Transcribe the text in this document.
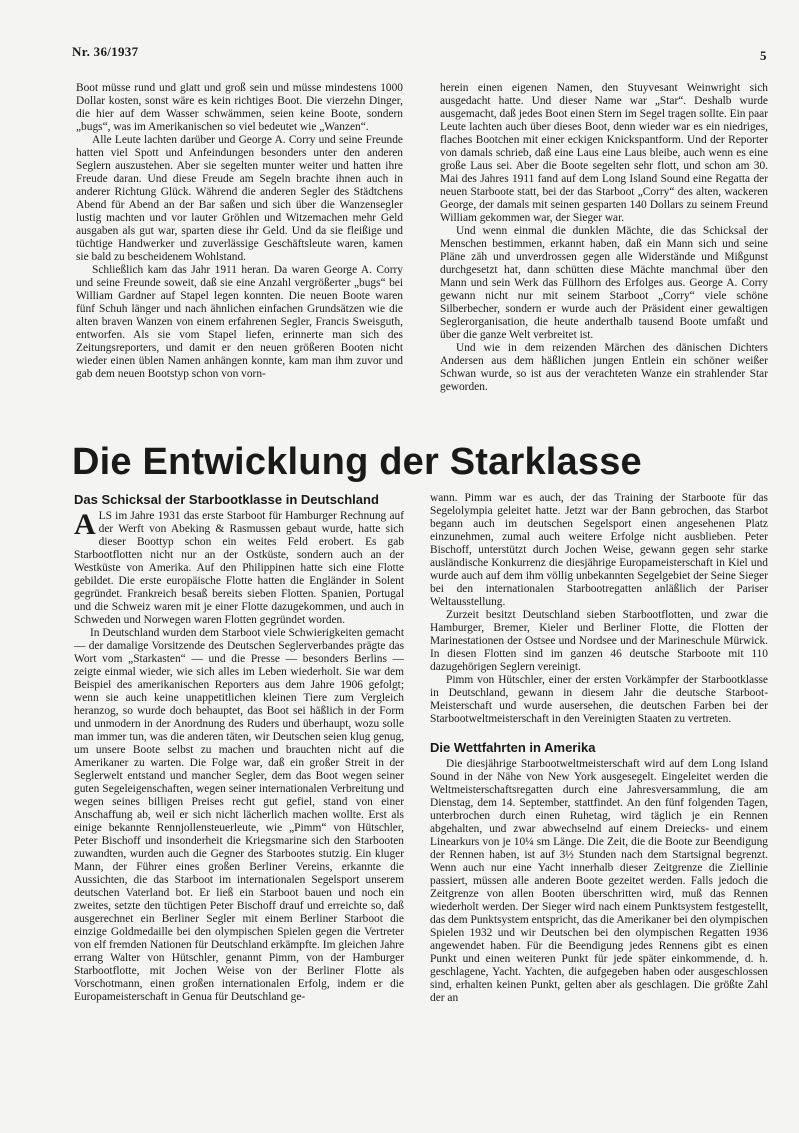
Nr. 36/1937	5

Boot müsse rund und glatt und groß sein und müsse mindestens 1000 Dollar kosten, sonst wäre es kein richtiges Boot. Die vierzehn Dinger, die hier auf dem Wasser schwämmen, seien keine Boote, sondern „bugs“, was im Amerikanischen so viel bedeutet wie „Wanzen“.

Alle Leute lachten darüber und George A. Corry und seine Freunde hatten viel Spott und Anfeindungen besonders unter den anderen Seglern auszustehen. Aber sie segelten munter weiter und hatten ihre Freude daran. Und diese Freude am Segeln brachte ihnen auch in anderer Richtung Glück. Während die anderen Segler des Städtchens Abend für Abend an der Bar saßen und sich über die Wanzensegler lustig machten und vor lauter Gröhlen und Witzemachen mehr Geld ausgaben als gut war, sparten diese ihr Geld. Und da sie fleißige und tüchtige Handwerker und zuverlässige Geschäftsleute waren, kamen sie bald zu bescheidenem Wohlstand.

Schließlich kam das Jahr 1911 heran. Da waren George A. Corry und seine Freunde soweit, daß sie eine Anzahl vergrößerter „bugs“ bei William Gardner auf Stapel legen konnten. Die neuen Boote waren fünf Schuh länger und nach ähnlichen einfachen Grundsätzen wie die alten braven Wanzen von einem erfahrenen Segler, Francis Sweisguth, entworfen. Als sie vom Stapel liefen, erinnerte man sich des Zeitungsreporters, und damit er den neuen größeren Booten nicht wieder einen üblen Namen anhängen konnte, kam man ihm zuvor und gab dem neuen Bootstyp schon von vorn-

herein einen eigenen Namen, den Stuyvesant Weinwright sich ausgedacht hatte. Und dieser Name war „Star“. Deshalb wurde ausgemacht, daß jedes Boot einen Stern im Segel tragen sollte. Ein paar Leute lachten auch über dieses Boot, denn wieder war es ein niedriges, flaches Bootchen mit einer eckigen Knickspantform. Und der Reporter von damals schrieb, daß eine Laus eine Laus bleibe, auch wenn es eine große Laus sei. Aber die Boote segelten sehr flott, und schon am 30. Mai des Jahres 1911 fand auf dem Long Island Sound eine Regatta der neuen Starboote statt, bei der das Starboot „Corry“ des alten, wackeren George, der damals mit seinen gesparten 140 Dollars zu seinem Freund William gekommen war, der Sieger war.

Und wenn einmal die dunklen Mächte, die das Schicksal der Menschen bestimmen, erkannt haben, daß ein Mann sich und seine Pläne zäh und unverdrossen gegen alle Widerstände und Mißgunst durchgesetzt hat, dann schütten diese Mächte manchmal über den Mann und sein Werk das Füllhorn des Erfolges aus. George A. Corry gewann nicht nur mit seinem Starboot „Corry“ viele schöne Silberbecher, sondern er wurde auch der Präsident einer gewaltigen Seglerorganisation, die heute anderthalb tausend Boote umfaßt und über die ganze Welt verbreitet ist.

Und wie in dem reizenden Märchen des dänischen Dichters Andersen aus dem häßlichen jungen Entlein ein schöner weißer Schwan wurde, so ist aus der verachteten Wanze ein strahlender Star geworden.

Die Entwicklung der Starklasse
Das Schicksal der Starbootklasse in Deutschland

ALS im Jahre 1931 das erste Starboot für Hamburger Rechnung auf der Werft von Abeking & Rasmussen gebaut wurde, hatte sich dieser Boottyp schon ein weites Feld erobert. Es gab Starbootflotten nicht nur an der Ostküste, sondern auch an der Westküste von Amerika. Auf den Philippinen hatte sich eine Flotte gebildet. Die erste europäische Flotte hatten die Engländer in Solent gegründet. Frankreich besaß bereits sieben Flotten. Spanien, Portugal und die Schweiz waren mit je einer Flotte dazugekommen, und auch in Schweden und Norwegen waren Flotten gegründet worden.

In Deutschland wurden dem Starboot viele Schwierigkeiten gemacht — der damalige Vorsitzende des Deutschen Seglerverbandes prägte das Wort vom „Starkasten“ — und die Presse — besonders Berlins — zeigte einmal wieder, wie sich alles im Leben wiederholt. Sie war dem Beispiel des amerikanischen Reporters aus dem Jahre 1906 gefolgt; wenn sie auch keine unappetitlichen kleinen Tiere zum Vergleich heranzog, so wurde doch behauptet, das Boot sei häßlich in der Form und unmodern in der Anordnung des Ruders und überhaupt, wozu solle man immer tun, was die anderen täten, wir Deutschen seien klug genug, um unsere Boote selbst zu machen und brauchten nicht auf die Amerikaner zu warten. Die Folge war, daß ein großer Streit in der Seglerwelt entstand und mancher Segler, dem das Boot wegen seiner guten Segeleigenschaften, wegen seiner internationalen Verbreitung und wegen seines billigen Preises recht gut gefiel, stand von einer Anschaffung ab, weil er sich nicht lächerlich machen wollte. Erst als einige bekannte Rennjollensteuerleute, wie „Pimm“ von Hütschler, Peter Bischoff und insonderheit die Kriegsmarine sich den Starbooten zuwandten, wurden auch die Gegner des Starbootes stutzig. Ein kluger Mann, der Führer eines großen Berliner Vereins, erkannte die Aussichten, die das Starboot im internationalen Segelsport unserem deutschen Vaterland bot. Er ließ ein Starboot bauen und noch ein zweites, setzte den tüchtigen Peter Bischoff drauf und erreichte so, daß ausgerechnet ein Berliner Segler mit einem Berliner Starboot die einzige Goldmedaille bei den olympischen Spielen gegen die Vertreter von elf fremden Nationen für Deutschland erkämpfte. Im gleichen Jahre errang Walter von Hütschler, genannt Pimm, von der Hamburger Starbootflotte, mit Jochen Weise von der Berliner Flotte als Vorschotmann, einen großen internationalen Erfolg, indem er die Europameisterschaft in Genua für Deutschland ge-

wann. Pimm war es auch, der das Training der Starboote für das Segelolympia geleitet hatte. Jetzt war der Bann gebrochen, das Starbot begann auch im deutschen Segelsport einen angesehenen Platz einzunehmen, zumal auch weitere Erfolge nicht ausblieben. Peter Bischoff, unterstützt durch Jochen Weise, gewann gegen sehr starke ausländische Konkurrenz die diesjährige Europameisterschaft in Kiel und wurde auch auf dem ihm völlig unbekannten Segelgebiet der Seine Sieger bei den internationalen Starbootregatten anläßlich der Pariser Weltausstellung.

Zurzeit besitzt Deutschland sieben Starbootflotten, und zwar die Hamburger, Bremer, Kieler und Berliner Flotte, die Flotten der Marinestationen der Ostsee und Nordsee und der Marineschule Mürwick. In diesen Flotten sind im ganzen 46 deutsche Starboote mit 110 dazugehörigen Seglern vereinigt.

Pimm von Hütschler, einer der ersten Vorkämpfer der Starbootklasse in Deutschland, gewann in diesem Jahr die deutsche Starboot-Meisterschaft und wurde ausersehen, die deutschen Farben bei der Starbootweltmeisterschaft in den Vereinigten Staaten zu vertreten.

Die Wettfahrten in Amerika

Die diesjährige Starbootweltmeisterschaft wird auf dem Long Island Sound in der Nähe von New York ausgesegelt. Eingeleitet werden die Weltmeisterschaftsregatten durch eine Jahresversammlung, die am Dienstag, dem 14. September, stattfindet. An den fünf folgenden Tagen, unterbrochen durch einen Ruhetag, wird täglich je ein Rennen abgehalten, und zwar abwechselnd auf einem Dreiecks- und einem Linearkurs von je 10¼ sm Länge. Die Zeit, die die Boote zur Beendigung der Rennen haben, ist auf 3½ Stunden nach dem Startsignal begrenzt. Wenn auch nur eine Yacht innerhalb dieser Zeitgrenze die Ziellinie passiert, müssen alle anderen Boote gezeitet werden. Falls jedoch die Zeitgrenze von allen Booten überschritten wird, muß das Rennen wiederholt werden. Der Sieger wird nach einem Punktsystem festgestellt, das dem Punktsystem entspricht, das die Amerikaner bei den olympischen Spielen 1932 und wir Deutschen bei den olympischen Regatten 1936 angewendet haben. Für die Beendigung jedes Rennens gibt es einen Punkt und einen weiteren Punkt für jede später einkommende, d. h. geschlagene, Yacht. Yachten, die aufgegeben haben oder ausgeschlossen sind, erhalten keinen Punkt, gelten aber als geschlagen. Die größte Zahl der an
